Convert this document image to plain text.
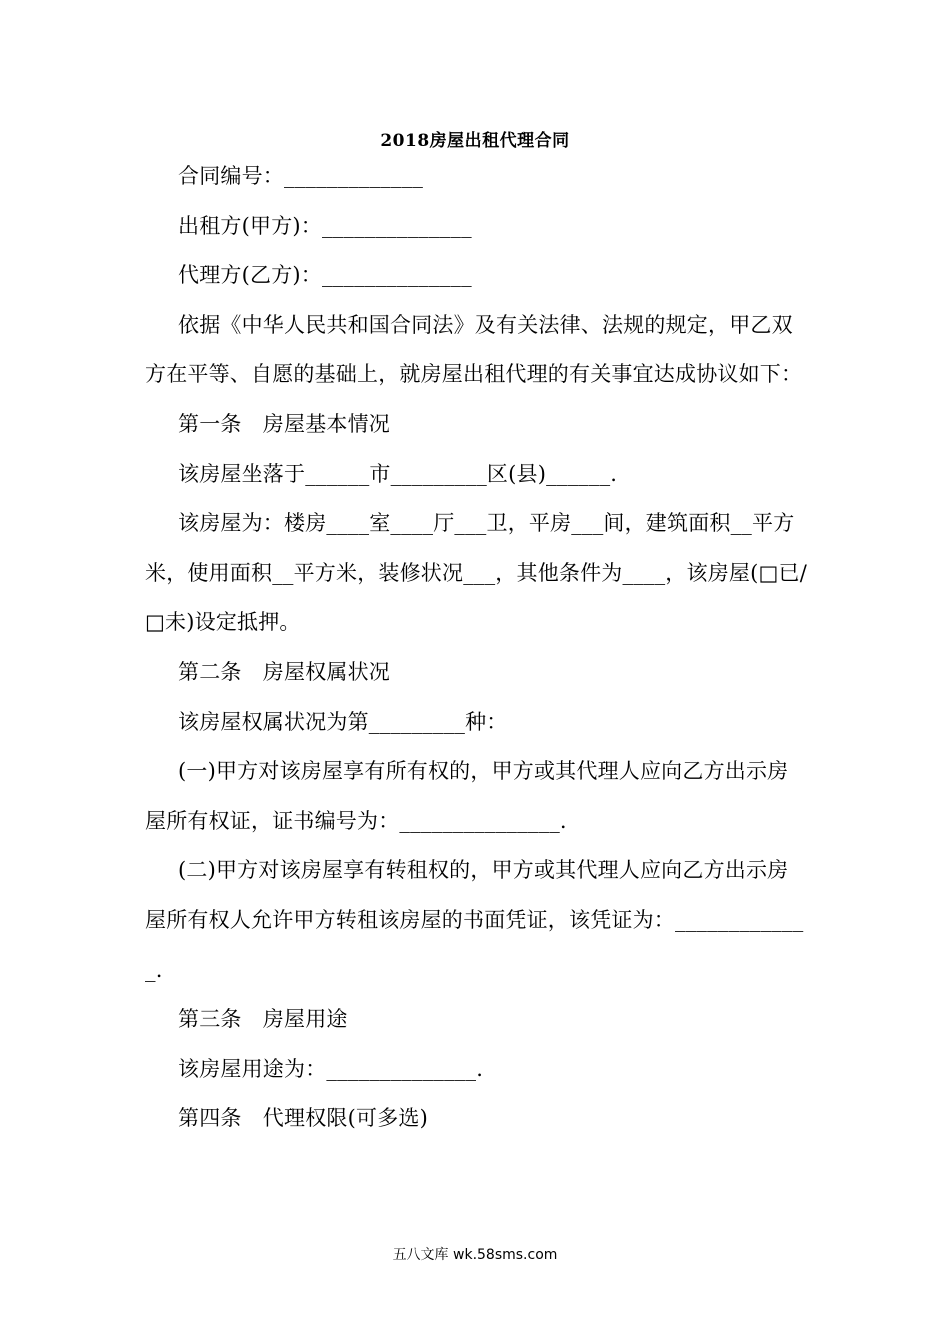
2018房屋出租代理合同

合同编号：_____________

出租方(甲方)：______________

代理方(乙方)：______________

依据《中华人民共和国合同法》及有关法律、法规的规定，甲乙双方在平等、自愿的基础上，就房屋出租代理的有关事宜达成协议如下：

第一条　房屋基本情况

该房屋坐落于______市_________区(县)______.

该房屋为：楼房____室____厅___卫，平房___间，建筑面积__平方米，使用面积__平方米，装修状况___，其他条件为____，该房屋(□已/□未)设定抵押。

第二条　房屋权属状况

该房屋权属状况为第_________种：

(一)甲方对该房屋享有所有权的，甲方或其代理人应向乙方出示房屋所有权证，证书编号为：_______________.

(二)甲方对该房屋享有转租权的，甲方或其代理人应向乙方出示房屋所有权人允许甲方转租该房屋的书面凭证，该凭证为：_____________.

第三条　房屋用途

该房屋用途为：______________.

第四条　代理权限(可多选)

五八文库 wk.58sms.com
